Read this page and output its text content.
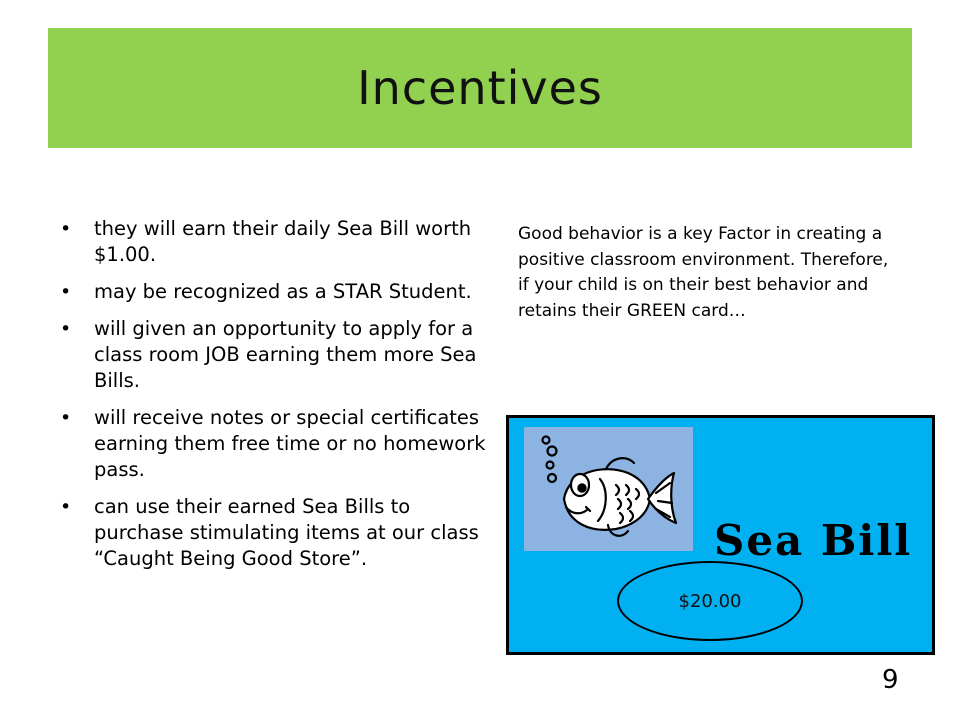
Incentives
• they will earn their daily Sea Bill worth $1.00.
• may be recognized as a STAR Student.
• will given an opportunity to apply for a class room JOB earning them more Sea Bills.
• will receive notes or special certificates earning them free time or no homework pass.
• can use their earned Sea Bills to purchase stimulating items at our class “Caught Being Good Store”.
Good behavior is a key Factor in creating a positive classroom environment. Therefore, if your child is on their best behavior and retains their GREEN card…
Sea Bill
$20.00
9
